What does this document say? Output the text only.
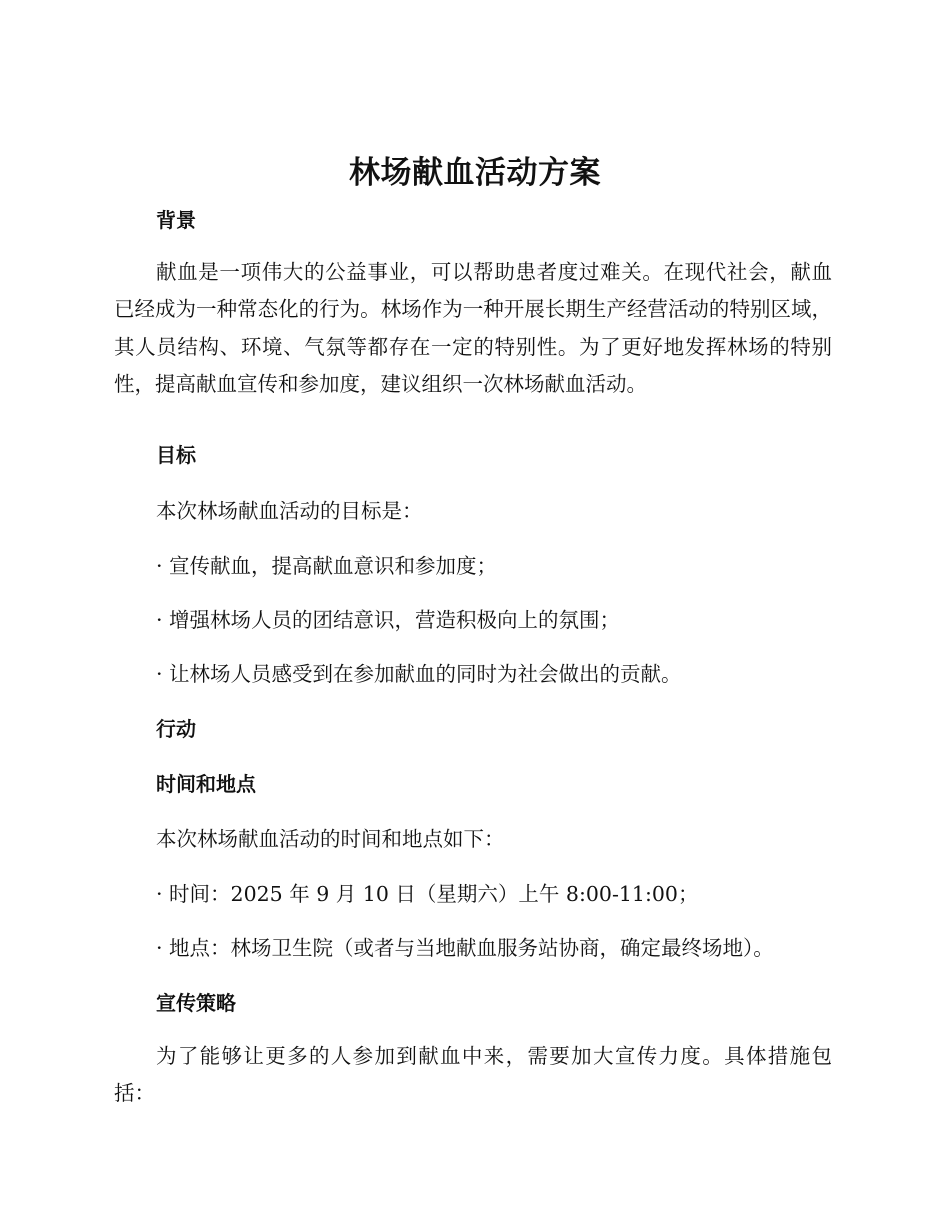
林场献血活动方案
背景

献血是一项伟大的公益事业，可以帮助患者度过难关。在现代社会，献血已经成为一种常态化的行为。林场作为一种开展长期生产经营活动的特别区域，其人员结构、环境、气氛等都存在一定的特别性。为了更好地发挥林场的特别性，提高献血宣传和参加度，建议组织一次林场献血活动。

目标
本次林场献血活动的目标是：
· 宣传献血，提高献血意识和参加度；
· 增强林场人员的团结意识，营造积极向上的氛围；
· 让林场人员感受到在参加献血的同时为社会做出的贡献。
行动
时间和地点
本次林场献血活动的时间和地点如下：
· 时间：2025 年 9 月 10 日（星期六）上午 8:00-11:00；
· 地点：林场卫生院（或者与当地献血服务站协商，确定最终场地）。
宣传策略

为了能够让更多的人参加到献血中来，需要加大宣传力度。具体措施包括：
